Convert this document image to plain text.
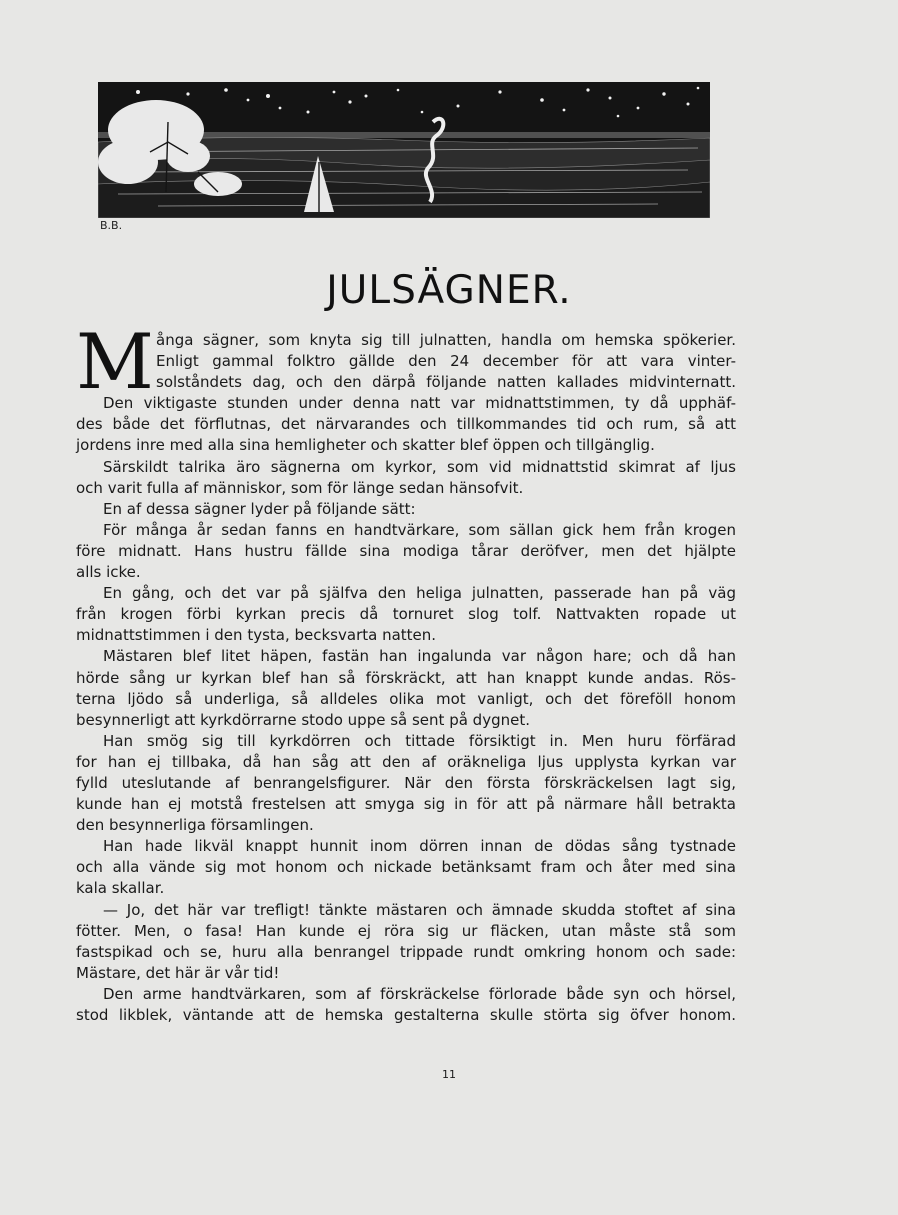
B.B.
JULSÄGNER.
M ånga sägner, som knyta sig till julnatten, handla om hemska spökerier.
Enligt gammal folktro gällde den 24 december för att vara vinter-
solståndets dag, och den därpå följande natten kallades midvinternatt.
Den viktigaste stunden under denna natt var midnattstimmen, ty då upphäf-
des både det förflutnas, det närvarandes och tillkommandes tid och rum, så att
jordens inre med alla sina hemligheter och skatter blef öppen och tillgänglig.
Särskildt talrika äro sägnerna om kyrkor, som vid midnattstid skimrat af ljus
och varit fulla af människor, som för länge sedan hänsofvit.
En af dessa sägner lyder på följande sätt:
För många år sedan fanns en handtvärkare, som sällan gick hem från krogen
före midnatt. Hans hustru fällde sina modiga tårar deröfver, men det hjälpte
alls icke.
En gång, och det var på själfva den heliga julnatten, passerade han på väg
från krogen förbi kyrkan precis då tornuret slog tolf. Nattvakten ropade ut
midnattstimmen i den tysta, becksvarta natten.
Mästaren blef litet häpen, fastän han ingalunda var någon hare; och då han
hörde sång ur kyrkan blef han så förskräckt, att han knappt kunde andas. Rös-
terna ljödo så underliga, så alldeles olika mot vanligt, och det föreföll honom
besynnerligt att kyrkdörrarne stodo uppe så sent på dygnet.
Han smög sig till kyrkdörren och tittade försiktigt in. Men huru förfärad
for han ej tillbaka, då han såg att den af oräkneliga ljus upplysta kyrkan var
fylld uteslutande af benrangelsfigurer. När den första förskräckelsen lagt sig,
kunde han ej motstå frestelsen att smyga sig in för att på närmare håll betrakta
den besynnerliga församlingen.
Han hade likväl knappt hunnit inom dörren innan de dödas sång tystnade
och alla vände sig mot honom och nickade betänksamt fram och åter med sina
kala skallar.
— Jo, det här var trefligt! tänkte mästaren och ämnade skudda stoftet af sina
fötter. Men, o fasa! Han kunde ej röra sig ur fläcken, utan måste stå som
fastspikad och se, huru alla benrangel trippade rundt omkring honom och sade:
Mästare, det här är vår tid!
Den arme handtvärkaren, som af förskräckelse förlorade både syn och hörsel,
stod likblek, väntande att de hemska gestalterna skulle störta sig öfver honom.
11
